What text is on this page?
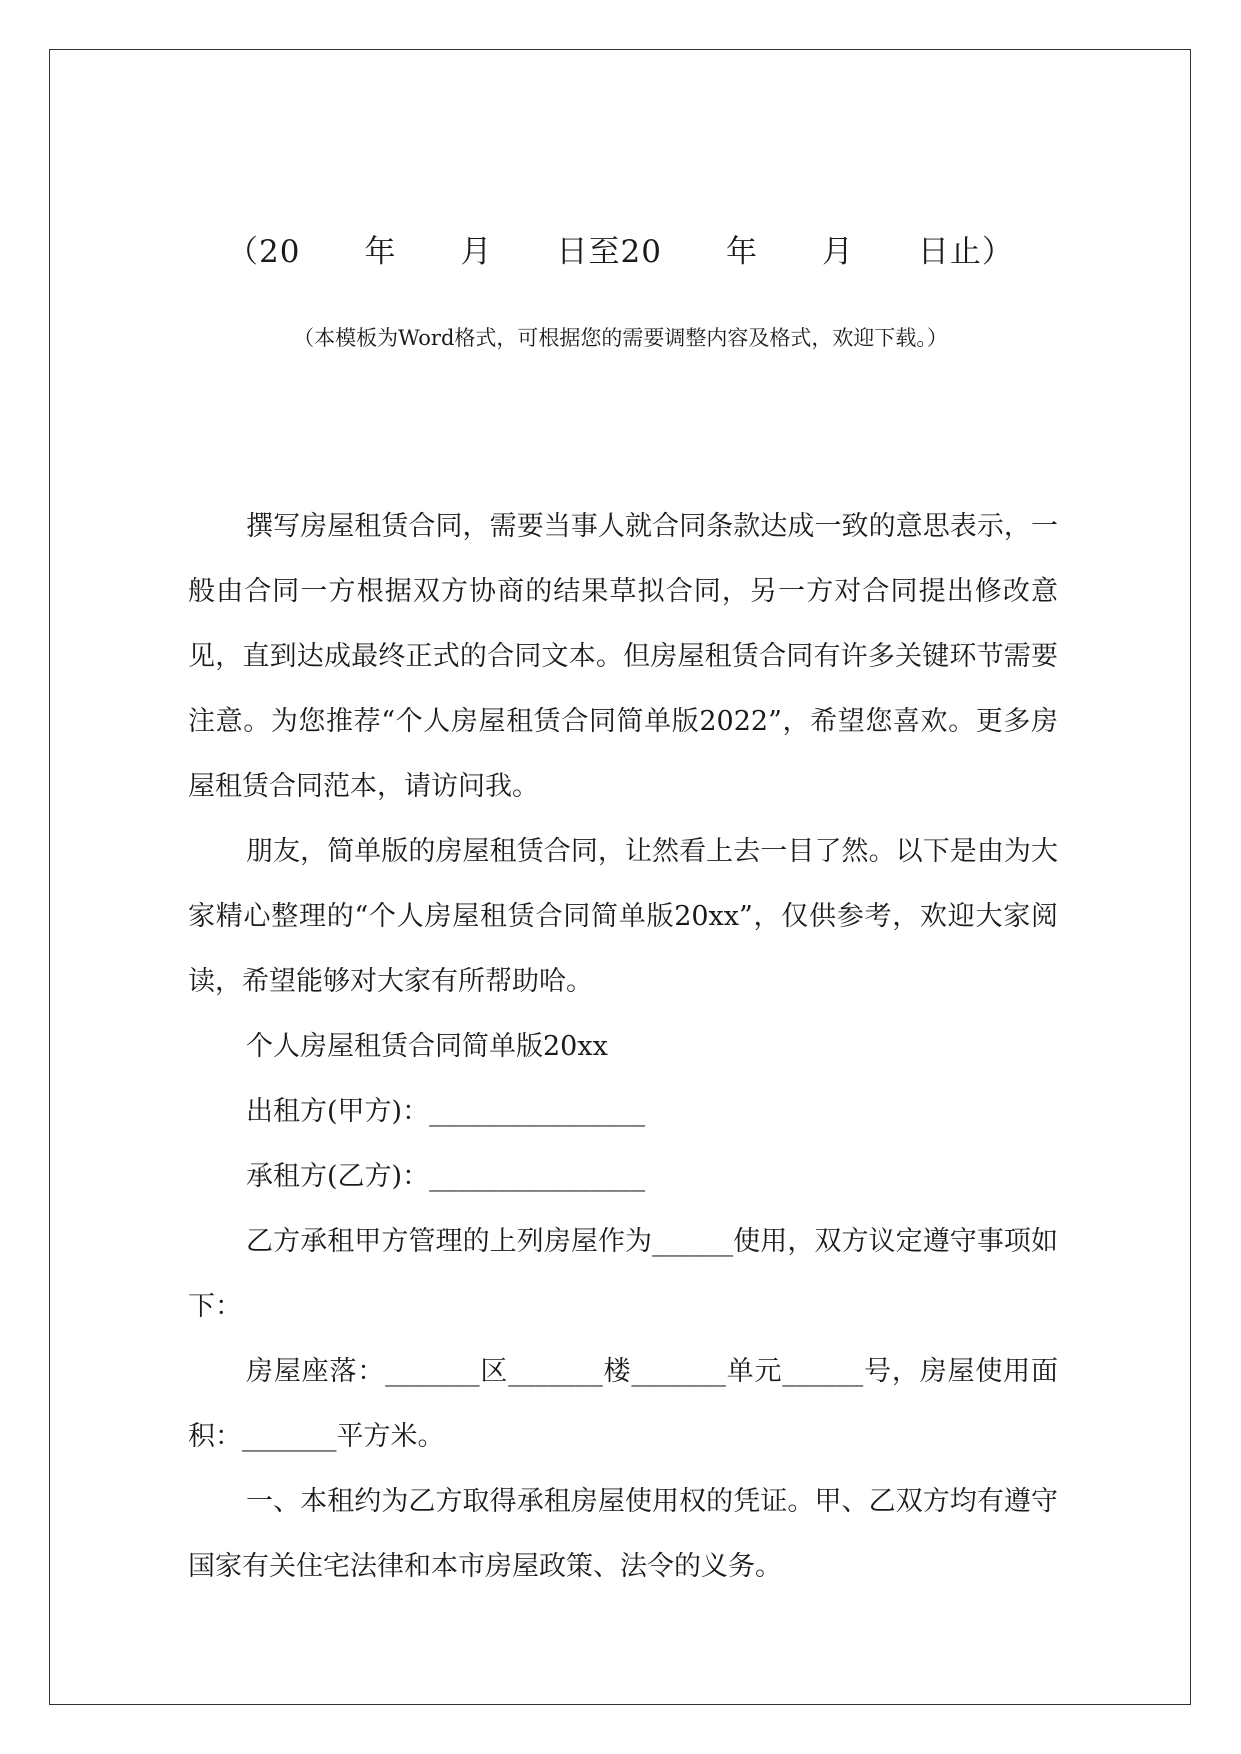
（20　　年　　月　　日至20　　年　　月　　日止）
（本模板为Word格式，可根据您的需要调整内容及格式，欢迎下载。）

撰写房屋租赁合同，需要当事人就合同条款达成一致的意思表示，一般由合同一方根据双方协商的结果草拟合同，另一方对合同提出修改意见，直到达成最终正式的合同文本。但房屋租赁合同有许多关键环节需要注意。为您推荐“个人房屋租赁合同简单版2022”，希望您喜欢。更多房屋租赁合同范本，请访问我。

朋友，简单版的房屋租赁合同，让然看上去一目了然。以下是由为大家精心整理的“个人房屋租赁合同简单版20xx”，仅供参考，欢迎大家阅读，希望能够对大家有所帮助哈。

个人房屋租赁合同简单版20xx

出租方(甲方)：________________

承租方(乙方)：________________

乙方承租甲方管理的上列房屋作为______使用，双方议定遵守事项如下：

房屋座落：_______区_______楼_______单元______号，房屋使用面积：_______平方米。

一、本租约为乙方取得承租房屋使用权的凭证。甲、乙双方均有遵守国家有关住宅法律和本市房屋政策、法令的义务。
